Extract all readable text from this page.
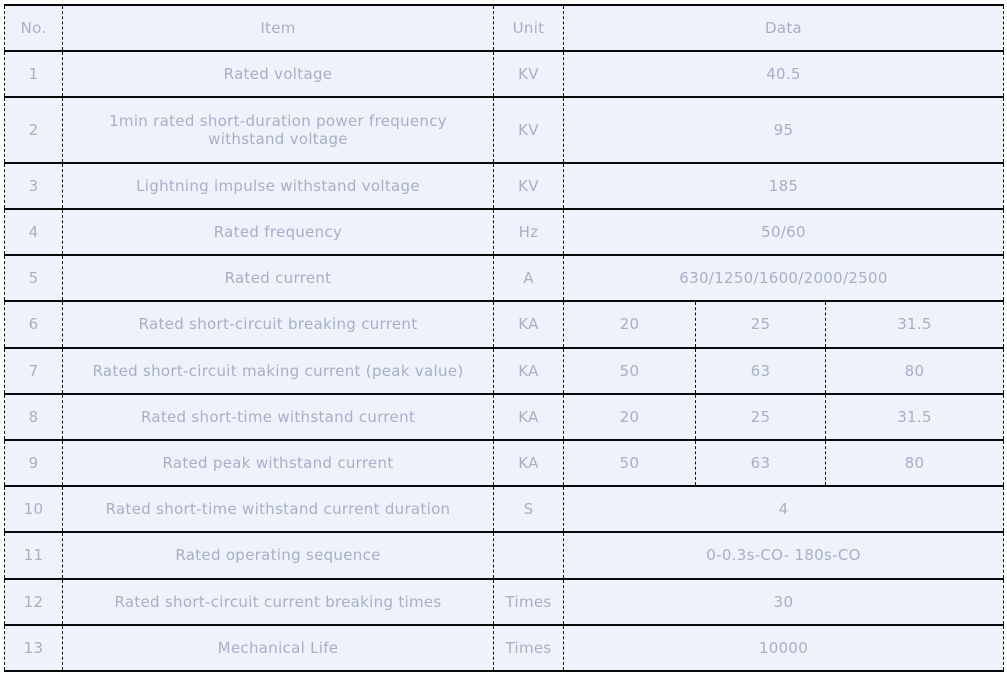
No.	Item	Unit	Data		
1	Rated voltage	KV	40.5		
2	1min rated short-duration power frequency withstand voltage	KV	95		
3	Lightning impulse withstand voltage	KV	185		
4	Rated frequency	Hz	50/60		
5	Rated current	A	630/1250/1600/2000/2500		
6	Rated short-circuit breaking current	KA	20	25	31.5
7	Rated short-circuit making current (peak value)	KA	50	63	80
8	Rated short-time withstand current	KA	20	25	31.5
9	Rated peak withstand current	KA	50	63	80
10	Rated short-time withstand current duration	S	4		
11	Rated operating sequence		0-0.3s-CO- 180s-CO		
12	Rated short-circuit current breaking times	Times	30		
13	Mechanical Life	Times	10000		
